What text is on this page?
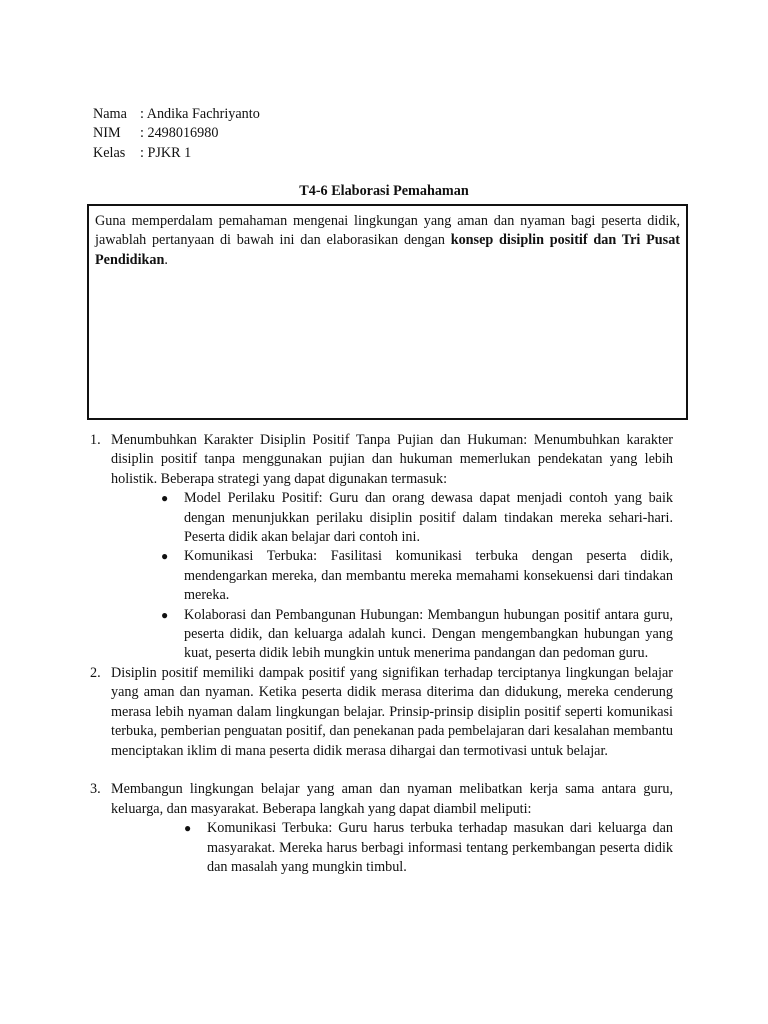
Nama : Andika Fachriyanto
NIM	: 2498016980
Kelas	: PJKR 1
T4-6 Elaborasi Pemahaman
Guna memperdalam pemahaman mengenai lingkungan yang aman dan nyaman bagi peserta didik, jawablah pertanyaan di bawah ini dan elaborasikan dengan konsep disiplin positif dan Tri Pusat Pendidikan.
1. Menumbuhkan Karakter Disiplin Positif Tanpa Pujian dan Hukuman: Menumbuhkan karakter disiplin positif tanpa menggunakan pujian dan hukuman memerlukan pendekatan yang lebih holistik. Beberapa strategi yang dapat digunakan termasuk:
● Model Perilaku Positif: Guru dan orang dewasa dapat menjadi contoh yang baik dengan menunjukkan perilaku disiplin positif dalam tindakan mereka sehari-hari. Peserta didik akan belajar dari contoh ini.
● Komunikasi Terbuka: Fasilitasi komunikasi terbuka dengan peserta didik, mendengarkan mereka, dan membantu mereka memahami konsekuensi dari tindakan mereka.
● Kolaborasi dan Pembangunan Hubungan: Membangun hubungan positif antara guru, peserta didik, dan keluarga adalah kunci. Dengan mengembangkan hubungan yang kuat, peserta didik lebih mungkin untuk menerima pandangan dan pedoman guru.
2. Disiplin positif memiliki dampak positif yang signifikan terhadap terciptanya lingkungan belajar yang aman dan nyaman. Ketika peserta didik merasa diterima dan didukung, mereka cenderung merasa lebih nyaman dalam lingkungan belajar. Prinsip-prinsip disiplin positif seperti komunikasi terbuka, pemberian penguatan positif, dan penekanan pada pembelajaran dari kesalahan membantu menciptakan iklim di mana peserta didik merasa dihargai dan termotivasi untuk belajar.
3. Membangun lingkungan belajar yang aman dan nyaman melibatkan kerja sama antara guru, keluarga, dan masyarakat. Beberapa langkah yang dapat diambil meliputi:
● Komunikasi Terbuka: Guru harus terbuka terhadap masukan dari keluarga dan masyarakat. Mereka harus berbagi informasi tentang perkembangan peserta didik dan masalah yang mungkin timbul.
